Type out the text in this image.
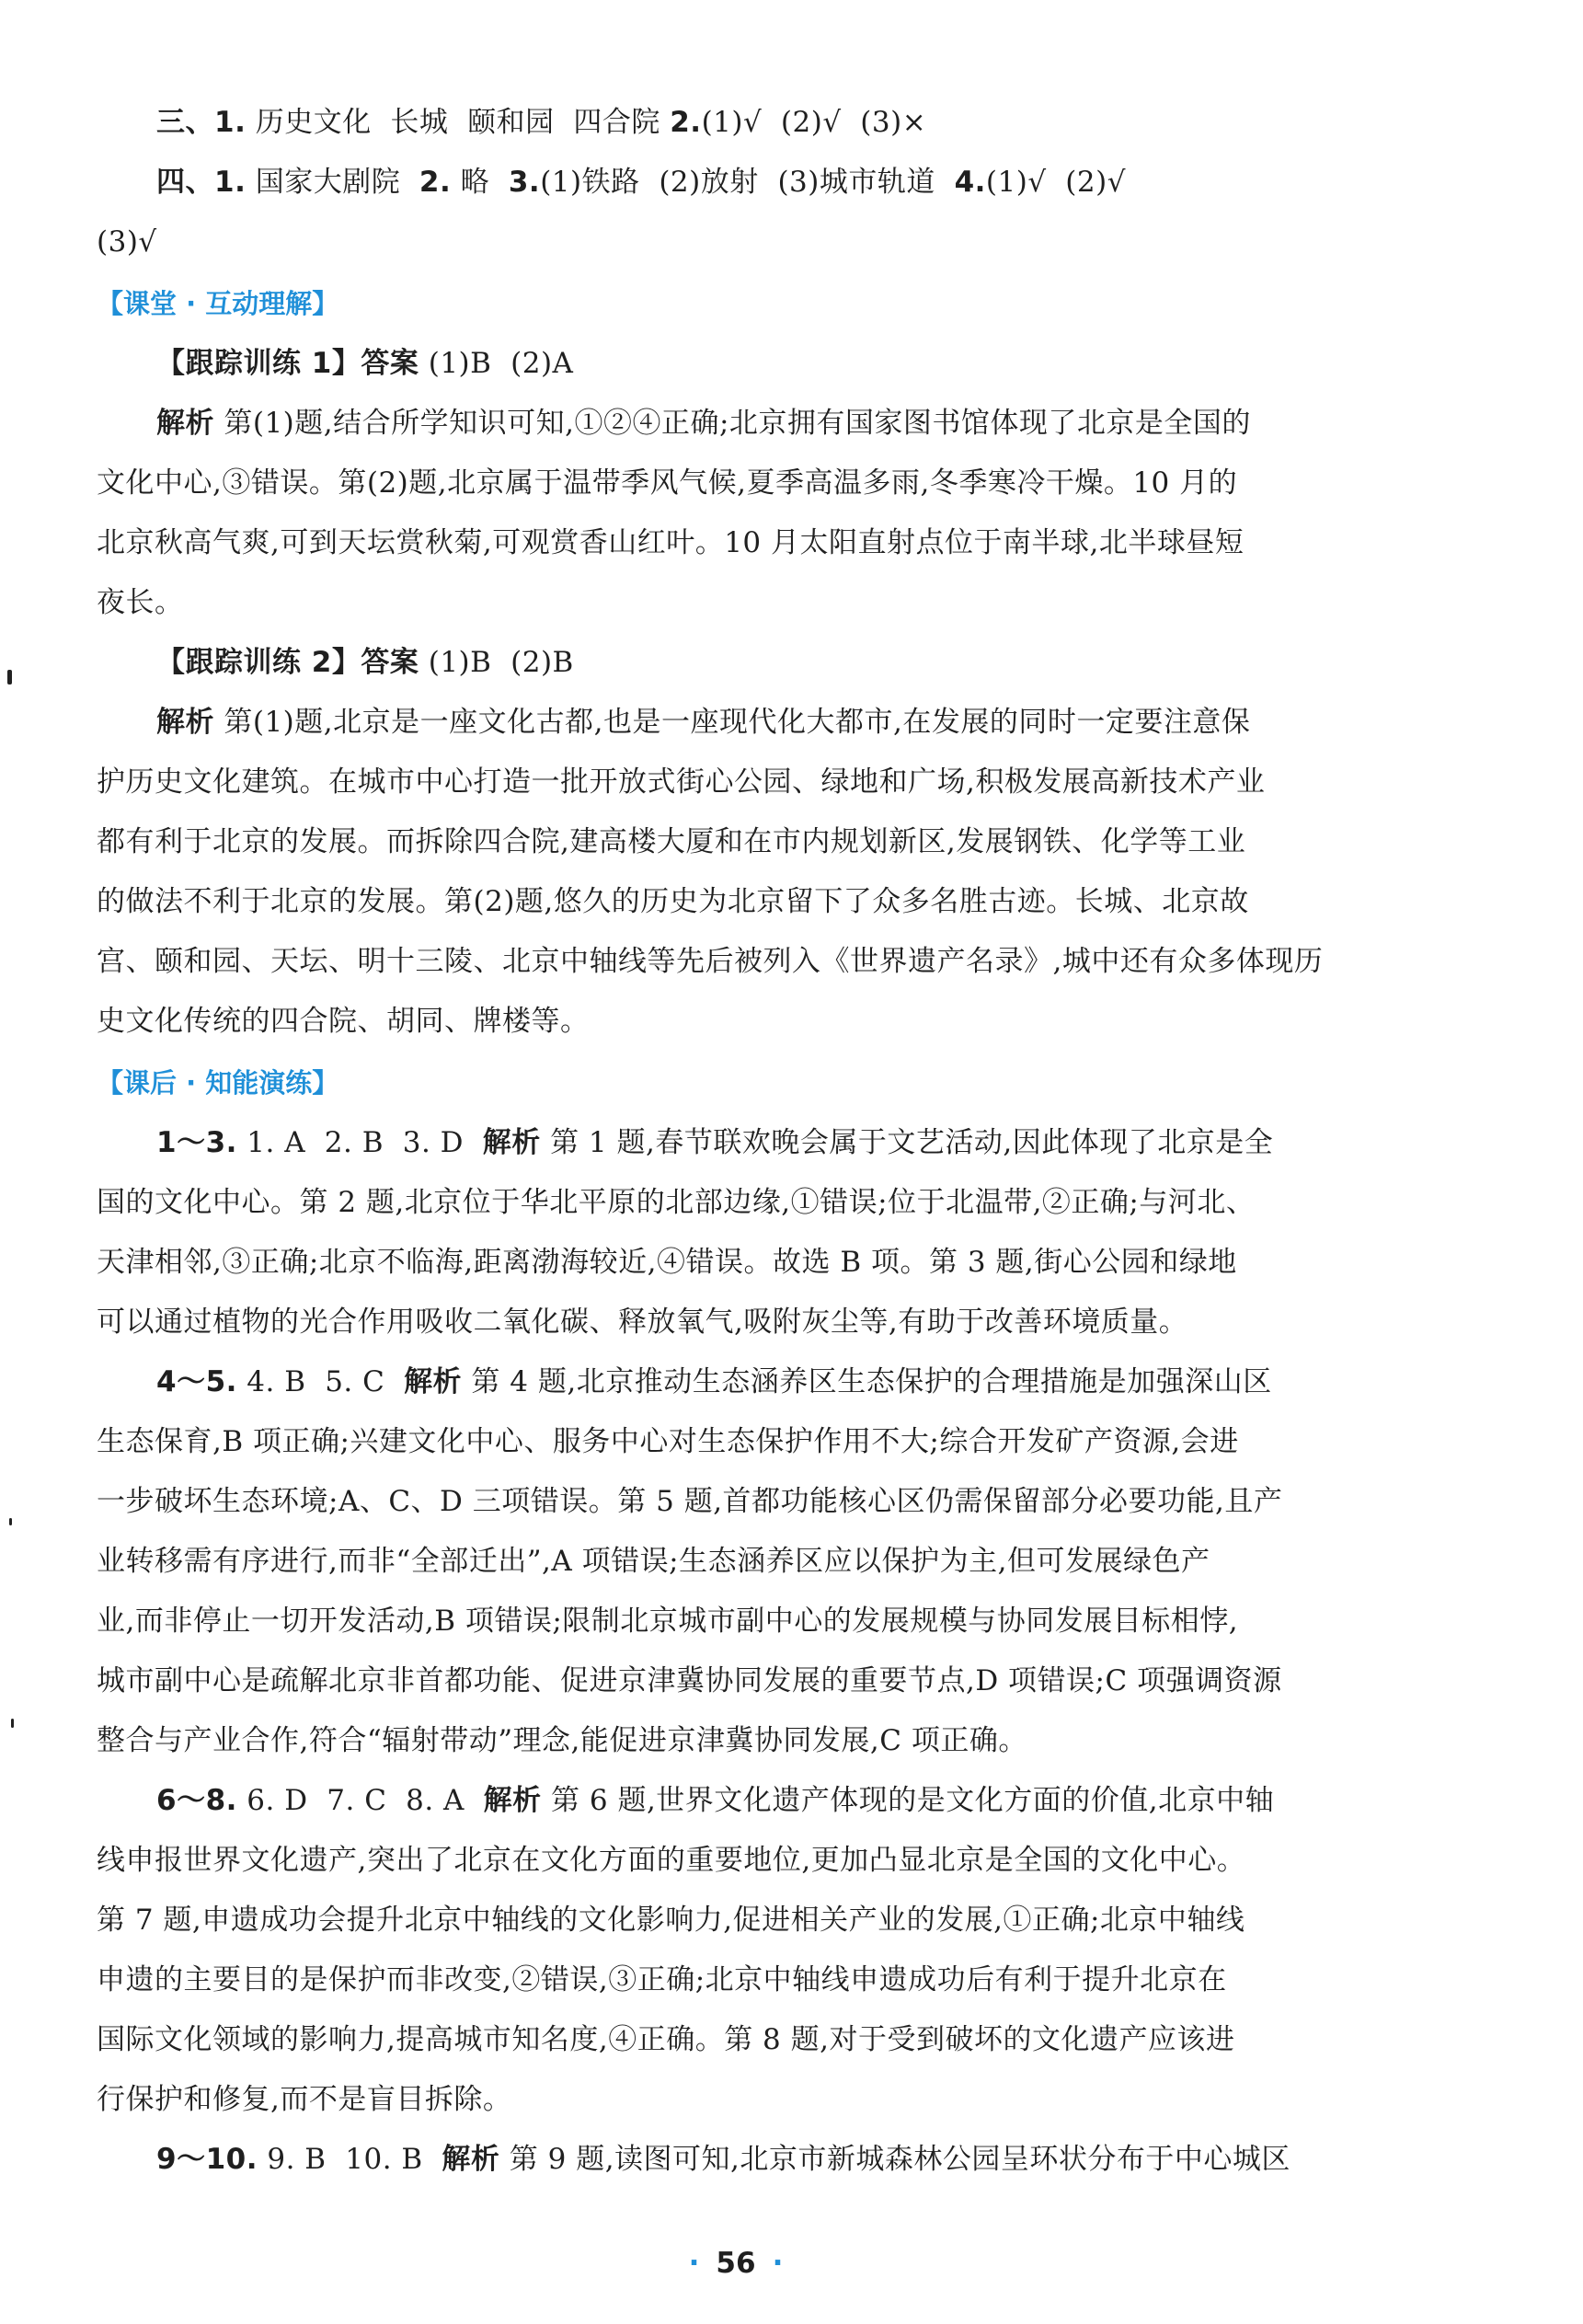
三、1. 历史文化  长城  颐和园  四合院 2.(1)√  (2)√  (3)×
四、1. 国家大剧院  2. 略  3.(1)铁路  (2)放射  (3)城市轨道  4.(1)√  (2)√
(3)√
【课堂 · 互动理解】
【跟踪训练 1】答案 (1)B  (2)A
解析 第(1)题,结合所学知识可知,①②④正确;北京拥有国家图书馆体现了北京是全国的
文化中心,③错误。第(2)题,北京属于温带季风气候,夏季高温多雨,冬季寒冷干燥。10 月的
北京秋高气爽,可到天坛赏秋菊,可观赏香山红叶。10 月太阳直射点位于南半球,北半球昼短
夜长。
【跟踪训练 2】答案 (1)B  (2)B
解析 第(1)题,北京是一座文化古都,也是一座现代化大都市,在发展的同时一定要注意保
护历史文化建筑。在城市中心打造一批开放式街心公园、绿地和广场,积极发展高新技术产业
都有利于北京的发展。而拆除四合院,建高楼大厦和在市内规划新区,发展钢铁、化学等工业
的做法不利于北京的发展。第(2)题,悠久的历史为北京留下了众多名胜古迹。长城、北京故
宫、颐和园、天坛、明十三陵、北京中轴线等先后被列入《世界遗产名录》,城中还有众多体现历
史文化传统的四合院、胡同、牌楼等。
【课后 · 知能演练】
1～3. 1. A  2. B  3. D  解析 第 1 题,春节联欢晚会属于文艺活动,因此体现了北京是全
国的文化中心。第 2 题,北京位于华北平原的北部边缘,①错误;位于北温带,②正确;与河北、
天津相邻,③正确;北京不临海,距离渤海较近,④错误。故选 B 项。第 3 题,街心公园和绿地
可以通过植物的光合作用吸收二氧化碳、释放氧气,吸附灰尘等,有助于改善环境质量。
4～5. 4. B  5. C  解析 第 4 题,北京推动生态涵养区生态保护的合理措施是加强深山区
生态保育,B 项正确;兴建文化中心、服务中心对生态保护作用不大;综合开发矿产资源,会进
一步破坏生态环境;A、C、D 三项错误。第 5 题,首都功能核心区仍需保留部分必要功能,且产
业转移需有序进行,而非“全部迁出”,A 项错误;生态涵养区应以保护为主,但可发展绿色产
业,而非停止一切开发活动,B 项错误;限制北京城市副中心的发展规模与协同发展目标相悖,
城市副中心是疏解北京非首都功能、促进京津冀协同发展的重要节点,D 项错误;C 项强调资源
整合与产业合作,符合“辐射带动”理念,能促进京津冀协同发展,C 项正确。
6～8. 6. D  7. C  8. A  解析 第 6 题,世界文化遗产体现的是文化方面的价值,北京中轴
线申报世界文化遗产,突出了北京在文化方面的重要地位,更加凸显北京是全国的文化中心。
第 7 题,申遗成功会提升北京中轴线的文化影响力,促进相关产业的发展,①正确;北京中轴线
申遗的主要目的是保护而非改变,②错误,③正确;北京中轴线申遗成功后有利于提升北京在
国际文化领域的影响力,提高城市知名度,④正确。第 8 题,对于受到破坏的文化遗产应该进
行保护和修复,而不是盲目拆除。
9～10. 9. B  10. B  解析 第 9 题,读图可知,北京市新城森林公园呈环状分布于中心城区
· 56 ·
